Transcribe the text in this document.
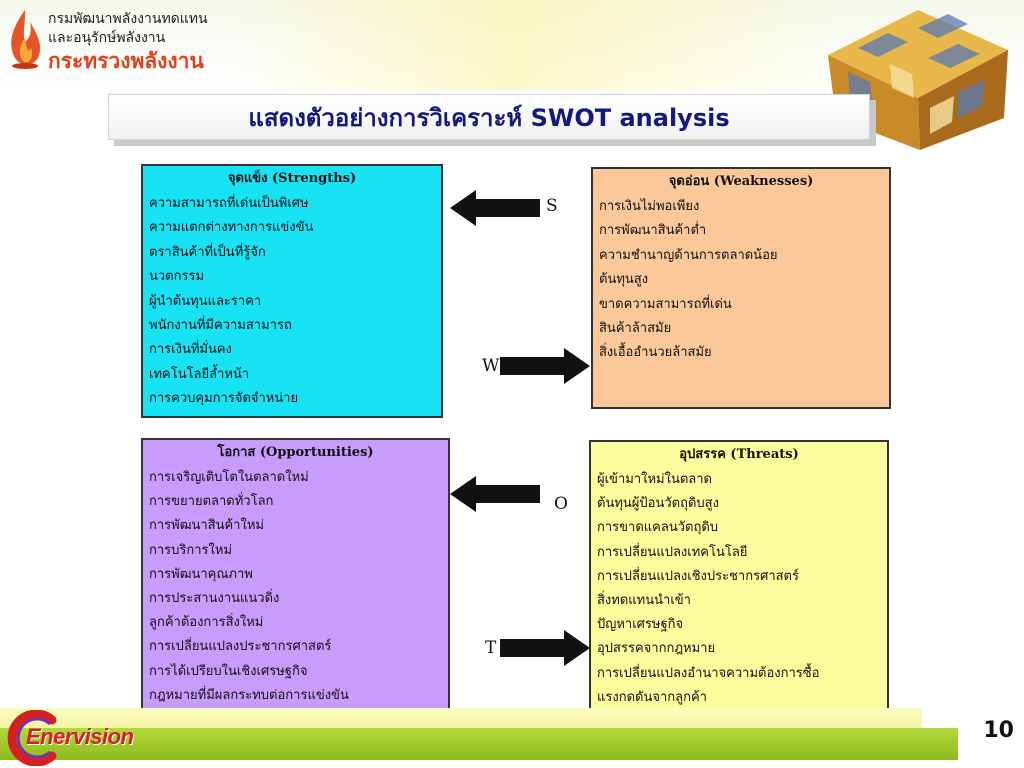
กรมพัฒนาพลังงานทดแทน
และอนุรักษ์พลังงาน
กระทรวงพลังงาน
แสดงตัวอย่างการวิเคราะห์ SWOT analysis
จุดแข็ง (Strengths)
ความสามารถที่เด่นเป็นพิเศษ
ความแตกต่างทางการแข่งขัน
ตราสินค้าที่เป็นที่รู้จัก
นวตกรรม
ผู้นำต้นทุนและราคา
พนักงานที่มีความสามารถ
การเงินที่มั่นคง
เทคโนโลยีล้ำหน้า
การควบคุมการจัดจำหน่าย
จุดอ่อน (Weaknesses)
การเงินไม่พอเพียง
การพัฒนาสินค้าต่ำ
ความชำนาญด้านการตลาดน้อย
ต้นทุนสูง
ขาดความสามารถที่เด่น
สินค้าล้าสมัย
สิ่งเอื้ออำนวยล้าสมัย
โอกาส (Opportunities)
การเจริญเติบโตในตลาดใหม่
การขยายตลาดทั่วโลก
การพัฒนาสินค้าใหม่
การบริการใหม่
การพัฒนาคุณภาพ
การประสานงานแนวดิ่ง
ลูกค้าต้องการสิ่งใหม่
การเปลี่ยนแปลงประชากรศาสตร์
การได้เปรียบในเชิงเศรษฐกิจ
กฎหมายที่มีผลกระทบต่อการแข่งขัน
อุปสรรค (Threats)
ผู้เข้ามาใหม่ในตลาด
ต้นทุนผู้ป้อนวัตถุดิบสูง
การขาดแคลนวัตถุดิบ
การเปลี่ยนแปลงเทคโนโลยี
การเปลี่ยนแปลงเชิงประชากรศาสตร์
สิ่งทดแทนนำเข้า
ปัญหาเศรษฐกิจ
อุปสรรคจากกฎหมาย
การเปลี่ยนแปลงอำนาจความต้องการซื้อ
แรงกดดันจากลูกค้า
S
W
O
T
10
Enervision
